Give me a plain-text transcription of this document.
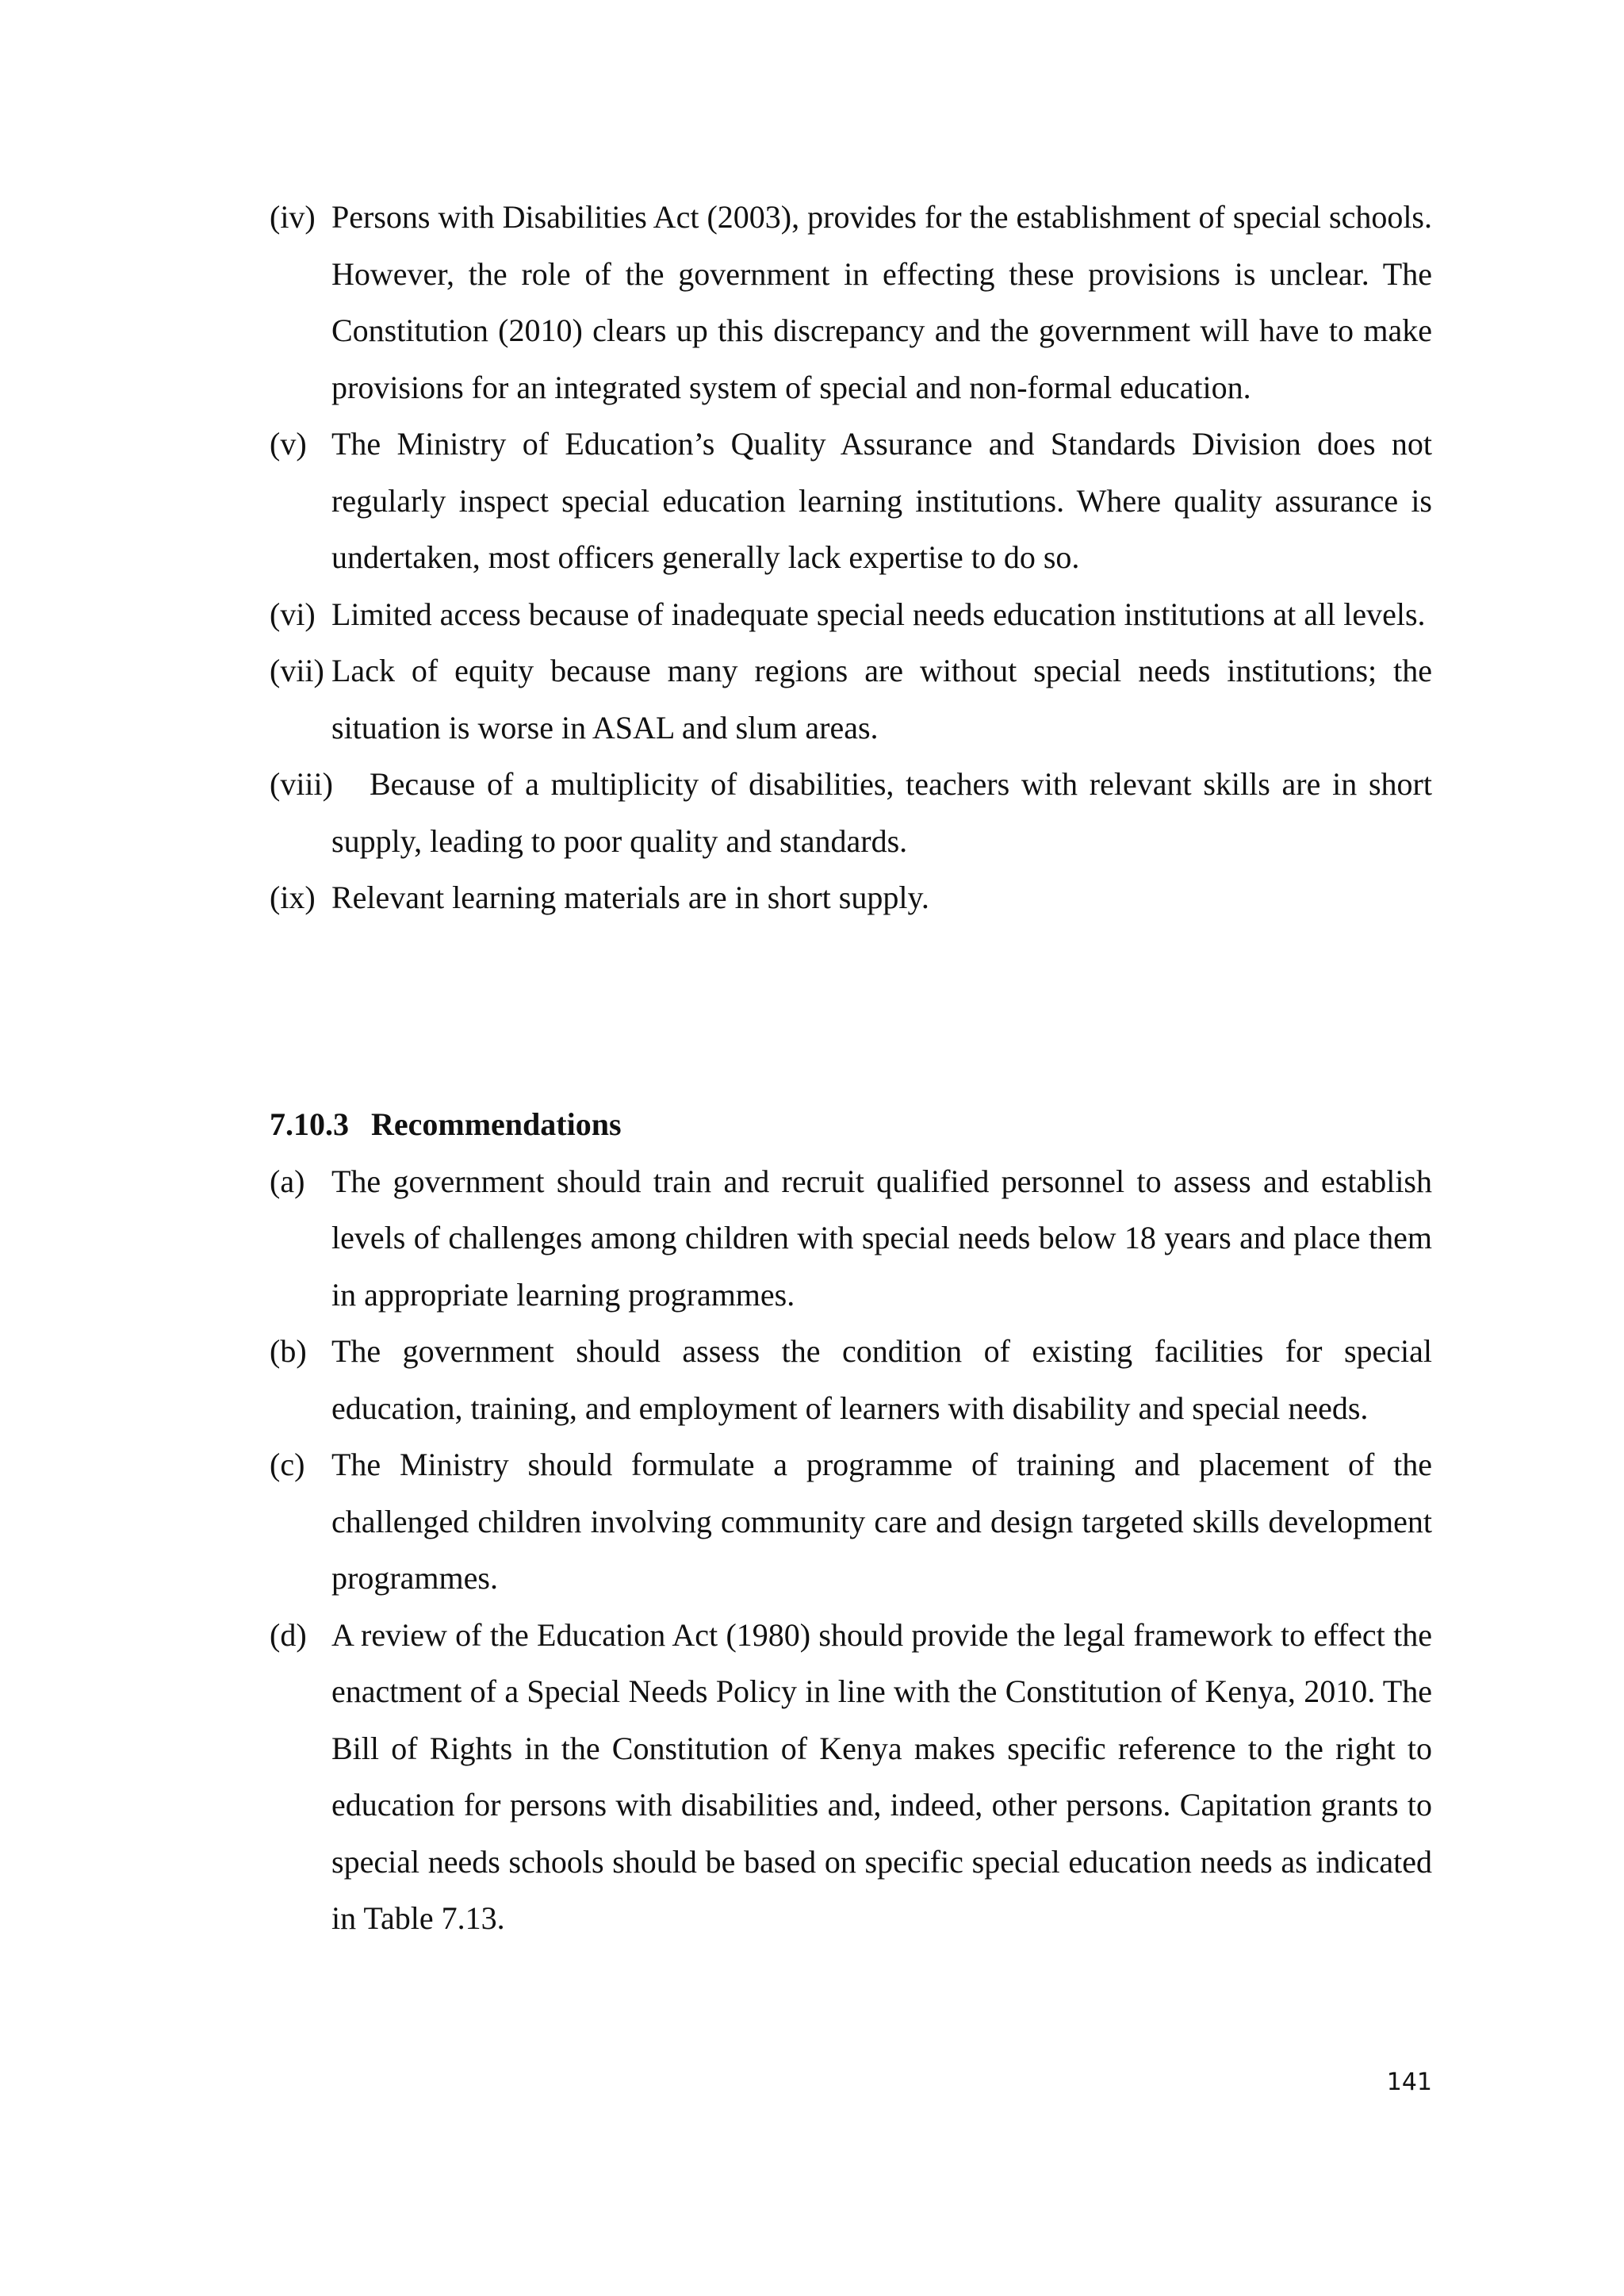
(iv) Persons with Disabilities Act (2003), provides for the establishment of special schools. However, the role of the government in effecting these provisions is unclear. The Constitution (2010) clears up this discrepancy and the government will have to make provisions for an integrated system of special and non-formal education.
(v) The Ministry of Education’s Quality Assurance and Standards Division does not regularly inspect special education learning institutions. Where quality assurance is undertaken, most officers generally lack expertise to do so.
(vi) Limited access because of inadequate special needs education institutions at all levels.
(vii) Lack of equity because many regions are without special needs institutions; the situation is worse in ASAL and slum areas.
(viii) Because of a multiplicity of disabilities, teachers with relevant skills are in short supply, leading to poor quality and standards.
(ix) Relevant learning materials are in short supply.
7.10.3 Recommendations
(a) The government should train and recruit qualified personnel to assess and establish levels of challenges among children with special needs below 18 years and place them in appropriate learning programmes.
(b) The government should assess the condition of existing facilities for special education, training, and employment of learners with disability and special needs.
(c) The Ministry should formulate a programme of training and placement of the challenged children involving community care and design targeted skills development programmes.
(d) A review of the Education Act (1980) should provide the legal framework to effect the enactment of a Special Needs Policy in line with the Constitution of Kenya, 2010. The Bill of Rights in the Constitution of Kenya makes specific reference to the right to education for persons with disabilities and, indeed, other persons. Capitation grants to special needs schools should be based on specific special education needs as indicated in Table 7.13.
141
